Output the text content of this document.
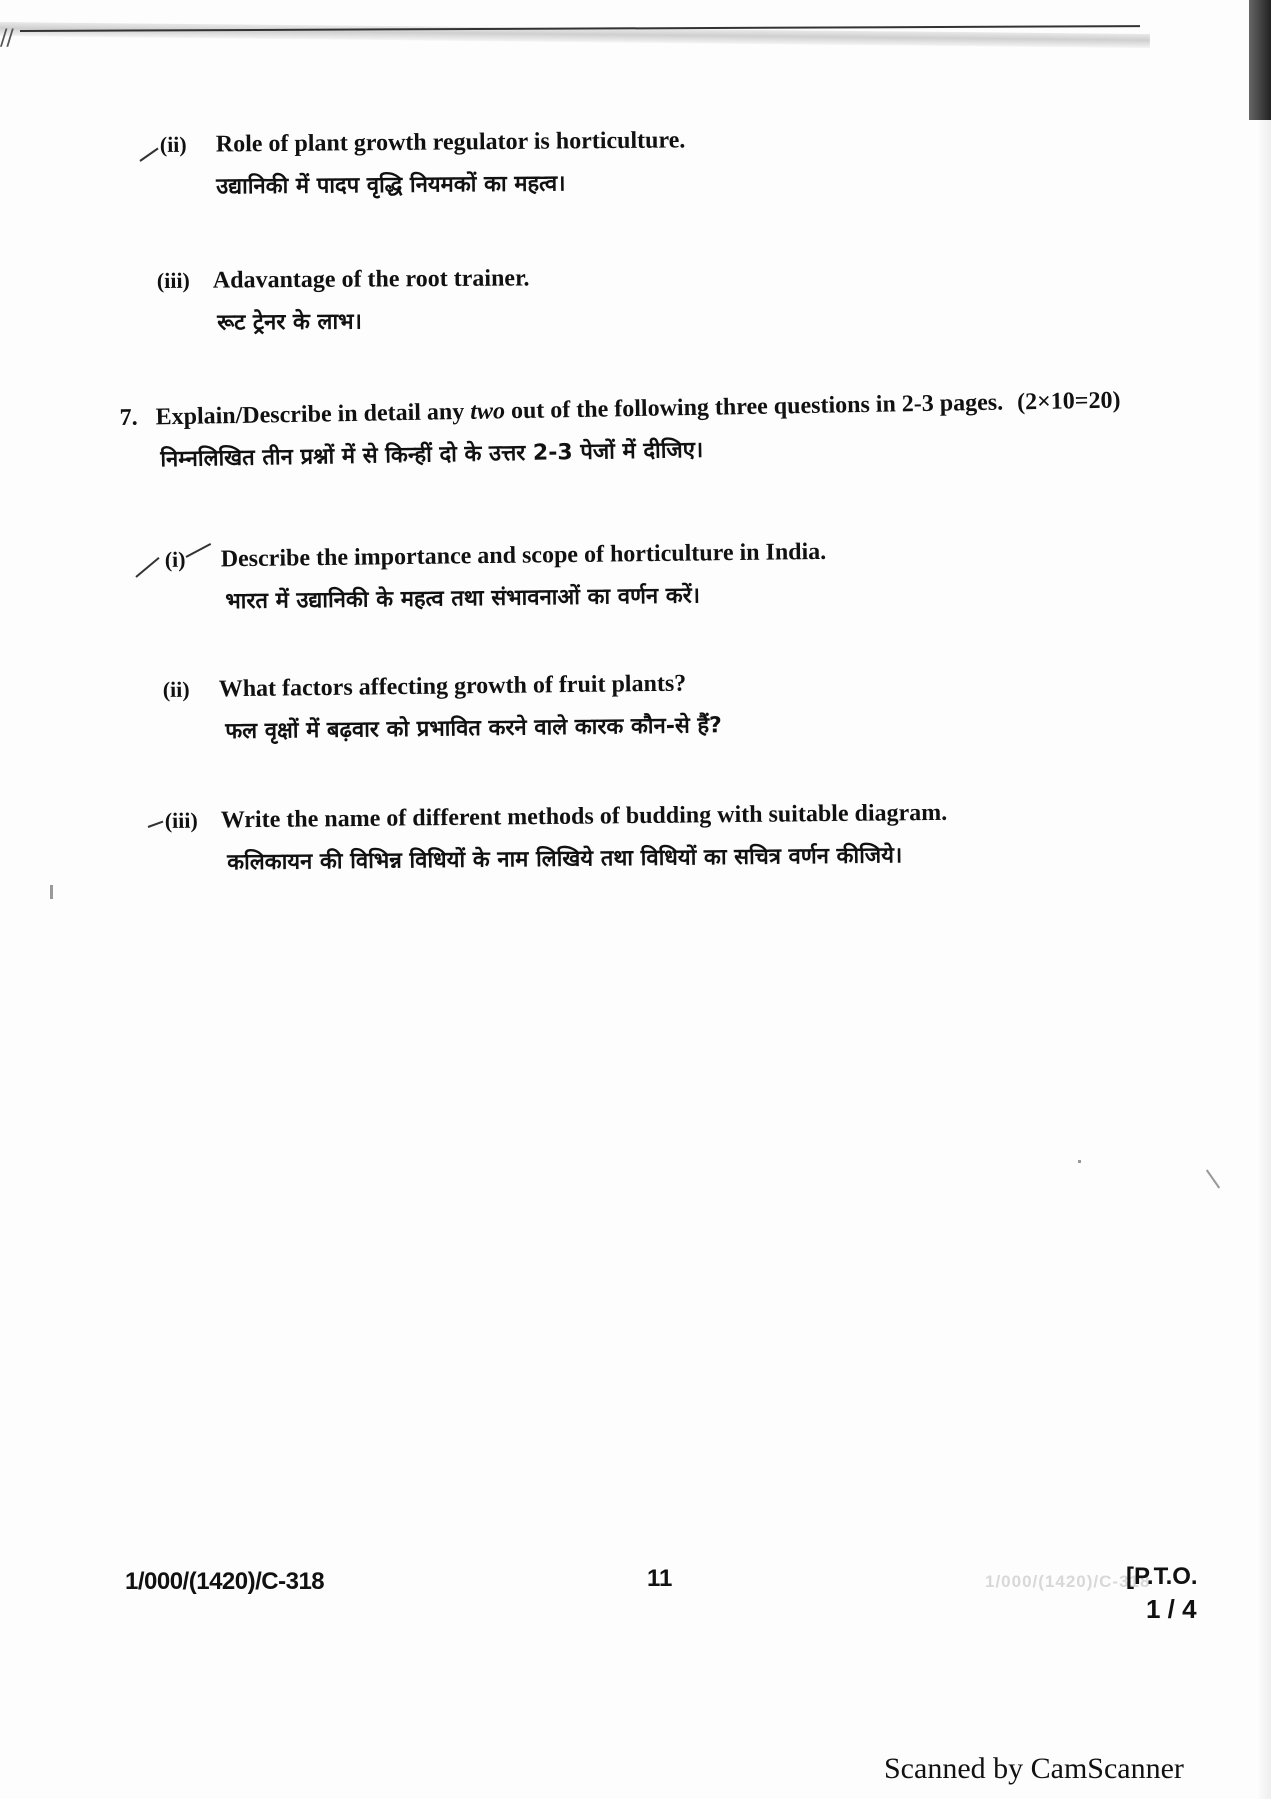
/ /
(ii)	Role of plant growth regulator is horticulture.
उद्यानिकी में पादप वृद्धि नियमकों का महत्व।
(iii) Adavantage of the root trainer.
रूट ट्रेनर के लाभ।
7. Explain/Describe in detail any two out of the following three questions in 2-3 pages. (2×10=20)
निम्नलिखित तीन प्रश्नों में से किन्हीं दो के उत्तर 2-3 पेजों में दीजिए।
(i)	Describe the importance and scope of horticulture in India.
भारत में उद्यानिकी के महत्व तथा संभावनाओं का वर्णन करें।
(ii)	What factors affecting growth of fruit plants?
फल वृक्षों में बढ़वार को प्रभावित करने वाले कारक कौन-से हैं?
(iii) Write the name of different methods of budding with suitable diagram.
कलिकायन की विभिन्न विधियों के नाम लिखिये तथा विधियों का सचित्र वर्णन कीजिये।
1/000/(1420)/C-318	11	1/000/(1420)/C-318
[P.T.O.
1 / 4
Scanned by CamScanner
